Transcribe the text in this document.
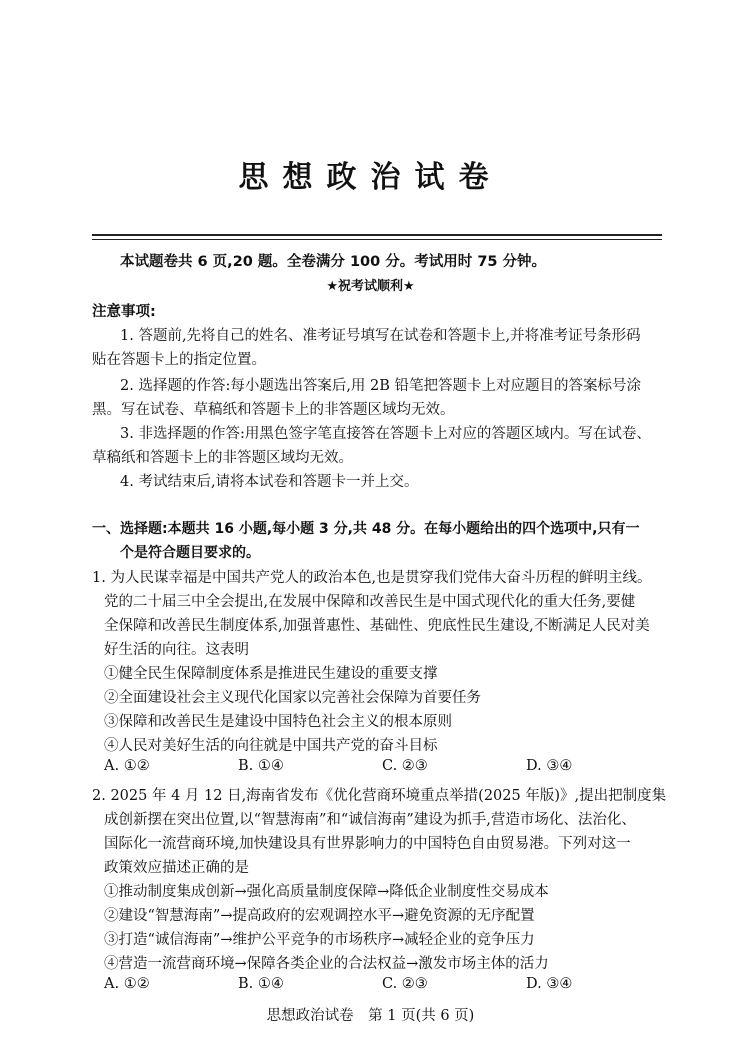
思想政治试卷
本试题卷共 6 页,20 题。全卷满分 100 分。考试用时 75 分钟。
★祝考试顺利★
注意事项:
1. 答题前,先将自己的姓名、准考证号填写在试卷和答题卡上,并将准考证号条形码
贴在答题卡上的指定位置。
2. 选择题的作答:每小题选出答案后,用 2B 铅笔把答题卡上对应题目的答案标号涂
黑。写在试卷、草稿纸和答题卡上的非答题区域均无效。
3. 非选择题的作答:用黑色签字笔直接答在答题卡上对应的答题区域内。写在试卷、
草稿纸和答题卡上的非答题区域均无效。
4. 考试结束后,请将本试卷和答题卡一并上交。
一、选择题:本题共 16 小题,每小题 3 分,共 48 分。在每小题给出的四个选项中,只有一
个是符合题目要求的。
1. 为人民谋幸福是中国共产党人的政治本色,也是贯穿我们党伟大奋斗历程的鲜明主线。
党的二十届三中全会提出,在发展中保障和改善民生是中国式现代化的重大任务,要健
全保障和改善民生制度体系,加强普惠性、基础性、兜底性民生建设,不断满足人民对美
好生活的向往。这表明
①健全民生保障制度体系是推进民生建设的重要支撑
②全面建设社会主义现代化国家以完善社会保障为首要任务
③保障和改善民生是建设中国特色社会主义的根本原则
④人民对美好生活的向往就是中国共产党的奋斗目标
A. ①②	B. ①④	C. ②③	D. ③④
2. 2025 年 4 月 12 日,海南省发布《优化营商环境重点举措(2025 年版)》,提出把制度集
成创新摆在突出位置,以“智慧海南”和“诚信海南”建设为抓手,营造市场化、法治化、
国际化一流营商环境,加快建设具有世界影响力的中国特色自由贸易港。下列对这一
政策效应描述正确的是
①推动制度集成创新→强化高质量制度保障→降低企业制度性交易成本
②建设“智慧海南”→提高政府的宏观调控水平→避免资源的无序配置
③打造“诚信海南”→维护公平竞争的市场秩序→减轻企业的竞争压力
④营造一流营商环境→保障各类企业的合法权益→激发市场主体的活力
A. ①②	B. ①④	C. ②③	D. ③④
思想政治试卷　第 1 页(共 6 页)
